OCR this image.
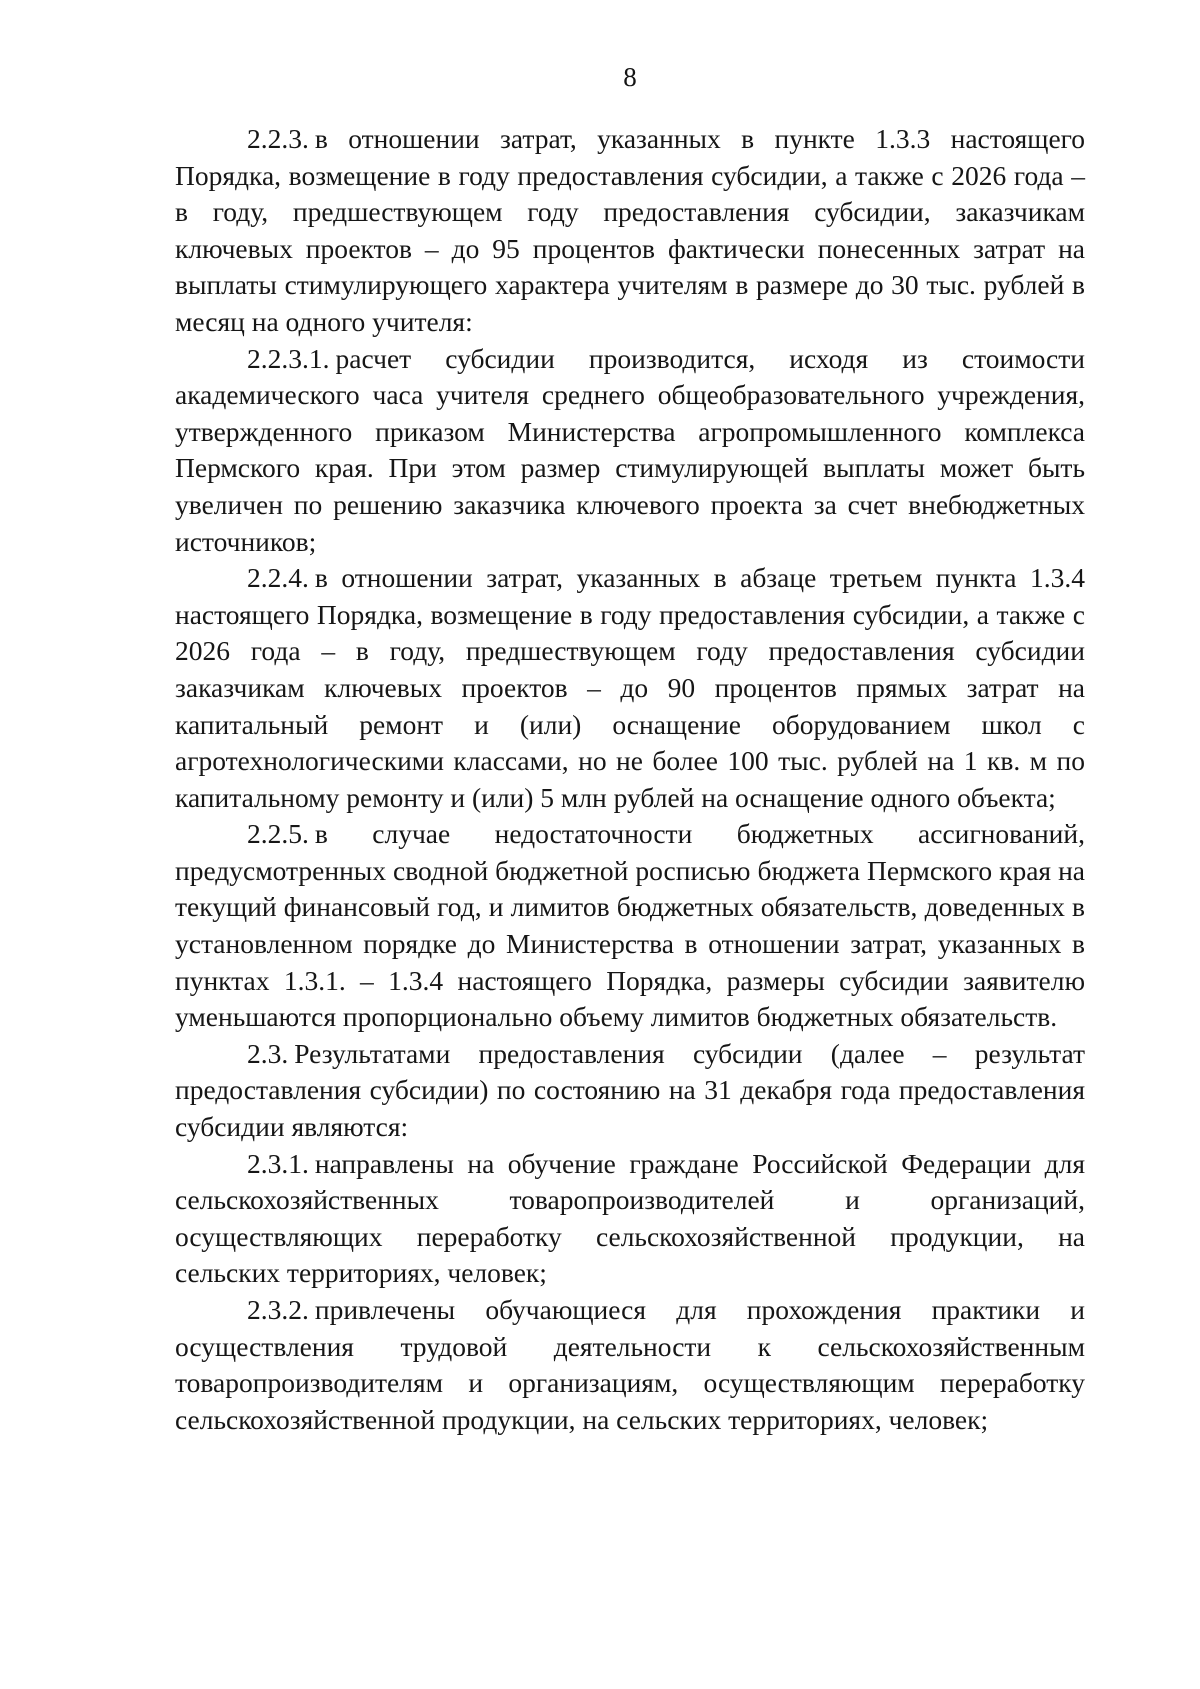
8

2.2.3. в отношении затрат, указанных в пункте 1.3.3 настоящего Порядка, возмещение в году предоставления субсидии, а также с 2026 года – в году, предшествующем году предоставления субсидии, заказчикам ключевых проектов – до 95 процентов фактически понесенных затрат на выплаты стимулирующего характера учителям в размере до 30 тыс. рублей в месяц на одного учителя:

2.2.3.1. расчет субсидии производится, исходя из стоимости академического часа учителя среднего общеобразовательного учреждения, утвержденного приказом Министерства агропромышленного комплекса Пермского края. При этом размер стимулирующей выплаты может быть увеличен по решению заказчика ключевого проекта за счет внебюджетных источников;

2.2.4. в отношении затрат, указанных в абзаце третьем пункта 1.3.4 настоящего Порядка, возмещение в году предоставления субсидии, а также с 2026 года – в году, предшествующем году предоставления субсидии заказчикам ключевых проектов – до 90 процентов прямых затрат на капитальный ремонт и (или) оснащение оборудованием школ с агротехнологическими классами, но не более 100 тыс. рублей на 1 кв. м по капитальному ремонту и (или) 5 млн рублей на оснащение одного объекта;

2.2.5. в случае недостаточности бюджетных ассигнований, предусмотренных сводной бюджетной росписью бюджета Пермского края на текущий финансовый год, и лимитов бюджетных обязательств, доведенных в установленном порядке до Министерства в отношении затрат, указанных в пунктах 1.3.1. – 1.3.4 настоящего Порядка, размеры субсидии заявителю уменьшаются пропорционально объему лимитов бюджетных обязательств.

2.3. Результатами предоставления субсидии (далее – результат предоставления субсидии) по состоянию на 31 декабря года предоставления субсидии являются:

2.3.1. направлены на обучение граждане Российской Федерации для сельскохозяйственных товаропроизводителей и организаций, осуществляющих переработку сельскохозяйственной продукции, на сельских территориях, человек;

2.3.2. привлечены обучающиеся для прохождения практики и осуществления трудовой деятельности к сельскохозяйственным товаропроизводителям и организациям, осуществляющим переработку сельскохозяйственной продукции, на сельских территориях, человек;
